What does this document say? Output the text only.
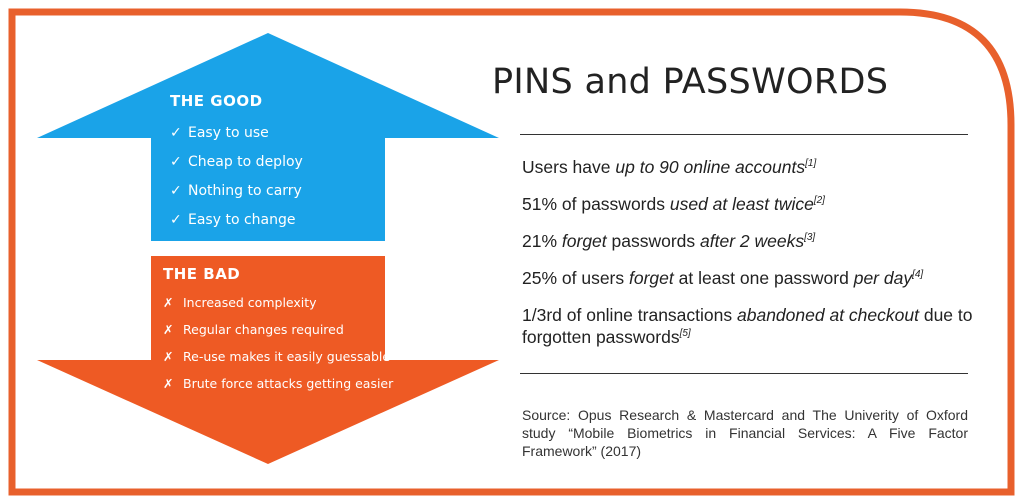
THE GOOD
✓ Easy to use
✓ Cheap to deploy
✓ Nothing to carry
✓ Easy to change
THE BAD
✗ Increased complexity
✗ Regular changes required
✗ Re-use makes it easily guessable
✗ Brute force attacks getting easier
PINS and PASSWORDS
Users have up to 90 online accounts[1]
51% of passwords used at least twice[2]
21% forget passwords after 2 weeks[3]
25% of users forget at least one password per day[4]
1/3rd of online transactions abandoned at checkout due to forgotten passwords[5]
Source: Opus Research & Mastercard and The Univerity of Oxford study “Mobile Biometrics in Financial Services: A Five Factor Framework” (2017)
